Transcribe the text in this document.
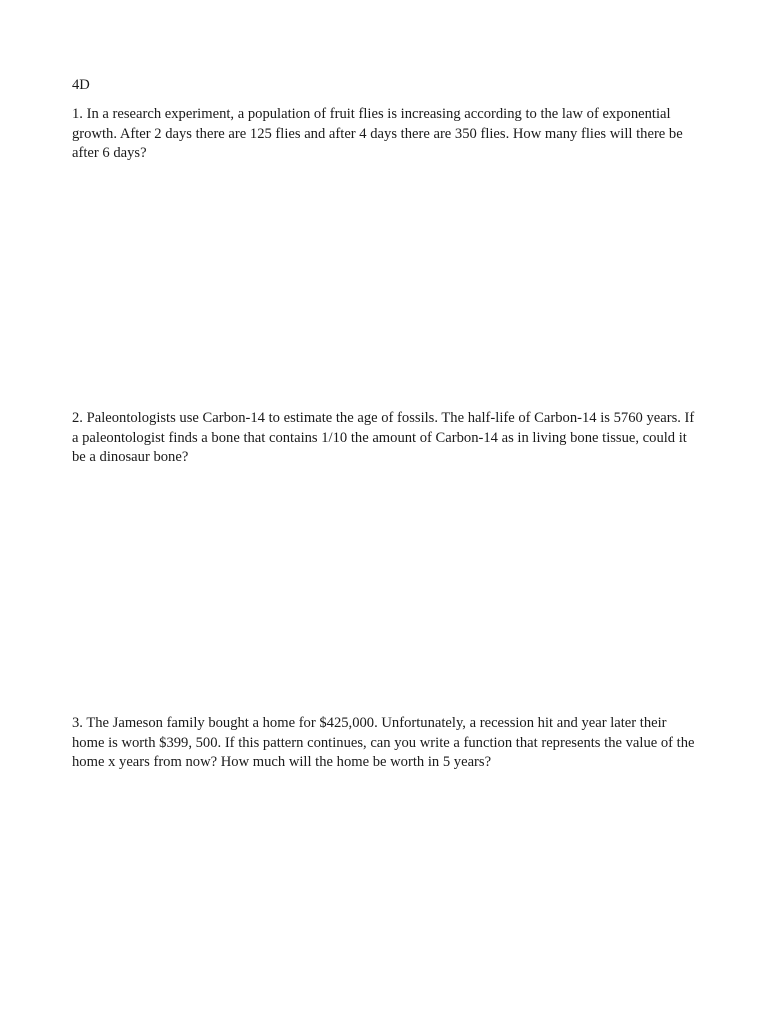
4D

1. In a research experiment, a population of fruit flies is increasing according to the law of exponential growth. After 2 days there are 125 flies and after 4 days there are 350 flies. How many flies will there be after 6 days?

2. Paleontologists use Carbon-14 to estimate the age of fossils. The half-life of Carbon-14 is 5760 years. If a paleontologist finds a bone that contains 1/10 the amount of Carbon-14 as in living bone tissue, could it be a dinosaur bone?

3. The Jameson family bought a home for $425,000. Unfortunately, a recession hit and year later their home is worth $399, 500. If this pattern continues, can you write a function that represents the value of the home x years from now? How much will the home be worth in 5 years?
